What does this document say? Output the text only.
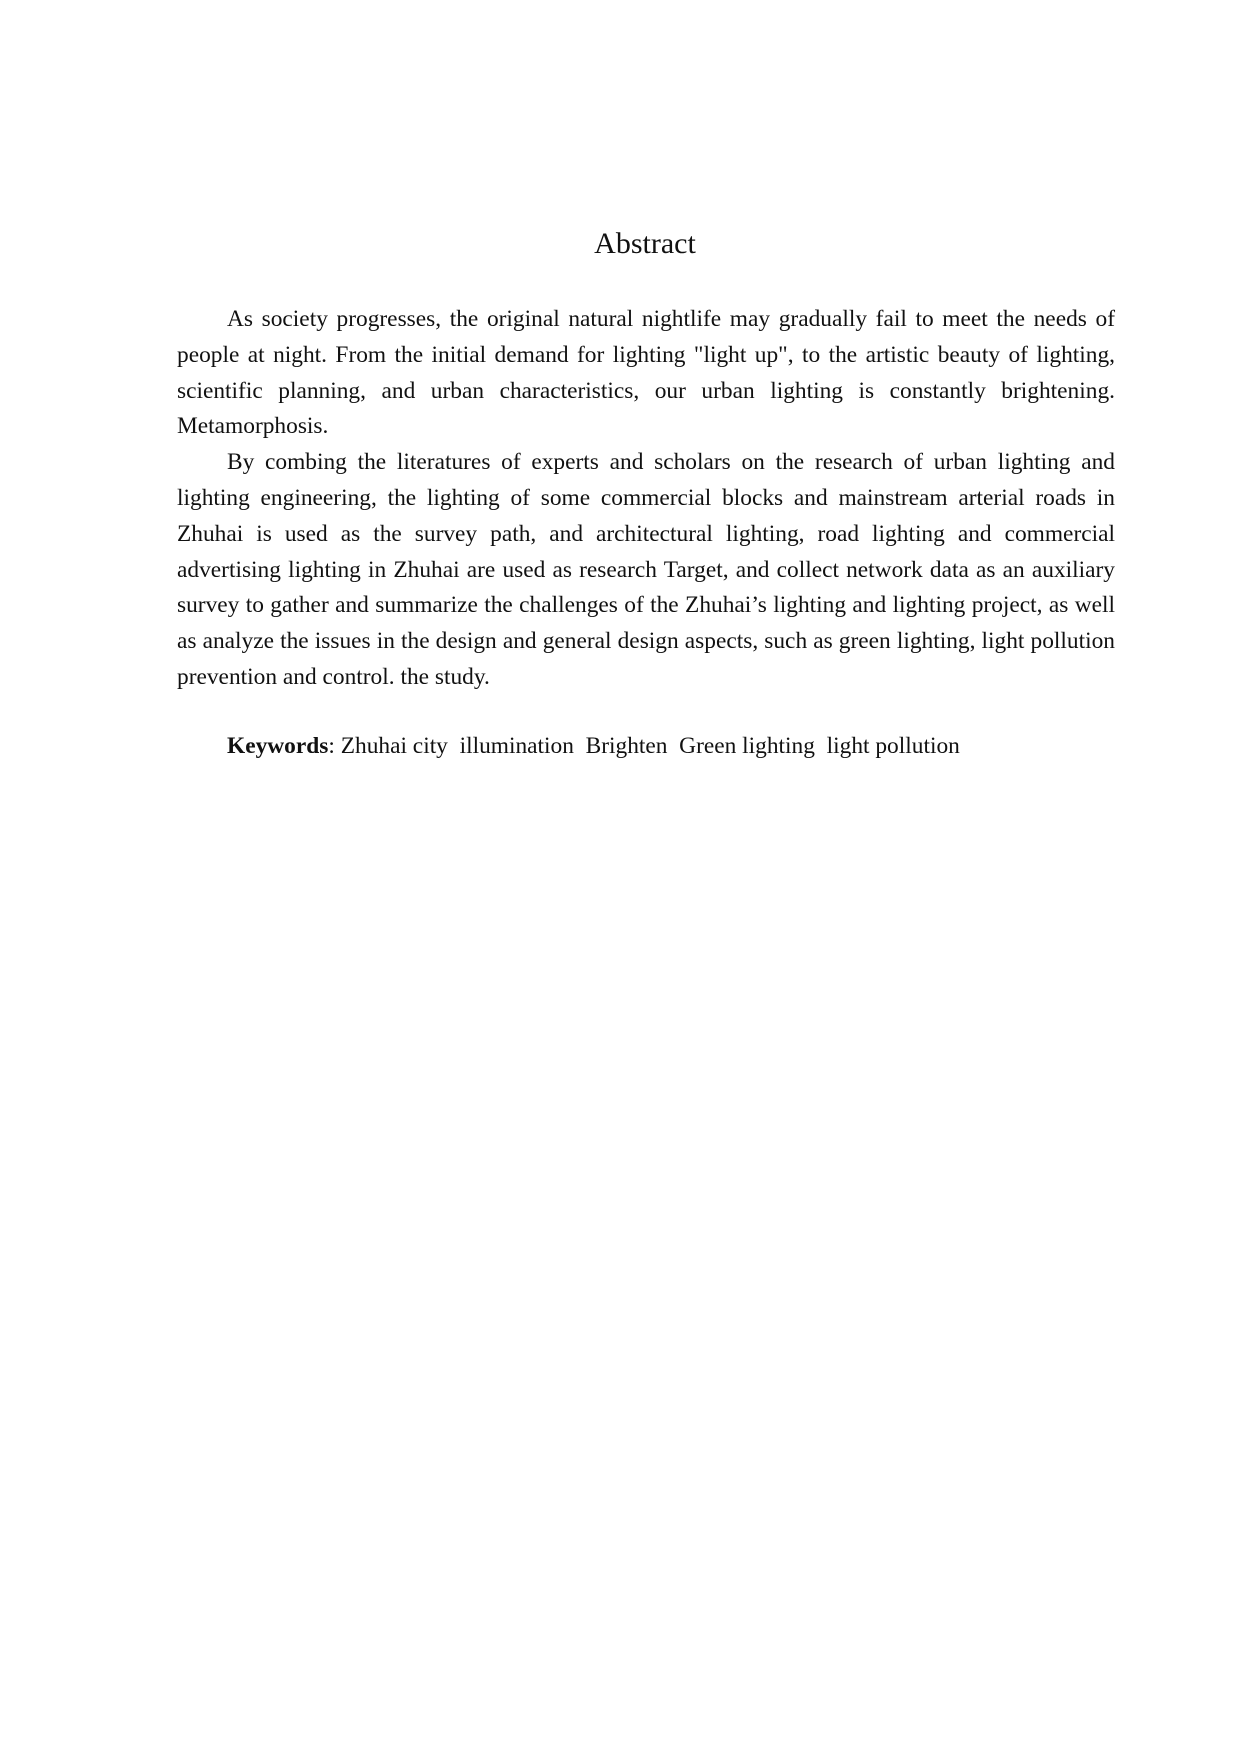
Abstract

As society progresses, the original natural nightlife may gradually fail to meet the needs of people at night. From the initial demand for lighting "light up", to the artistic beauty of lighting, scientific planning, and urban characteristics, our urban lighting is constantly brightening. Metamorphosis.

By combing the literatures of experts and scholars on the research of urban lighting and lighting engineering, the lighting of some commercial blocks and mainstream arterial roads in Zhuhai is used as the survey path, and architectural lighting, road lighting and commercial advertising lighting in Zhuhai are used as research Target, and collect network data as an auxiliary survey to gather and summarize the challenges of the Zhuhai’s lighting and lighting project, as well as analyze the issues in the design and general design aspects, such as green lighting, light pollution prevention and control. the study.

Keywords: Zhuhai city  illumination  Brighten  Green lighting  light pollution
